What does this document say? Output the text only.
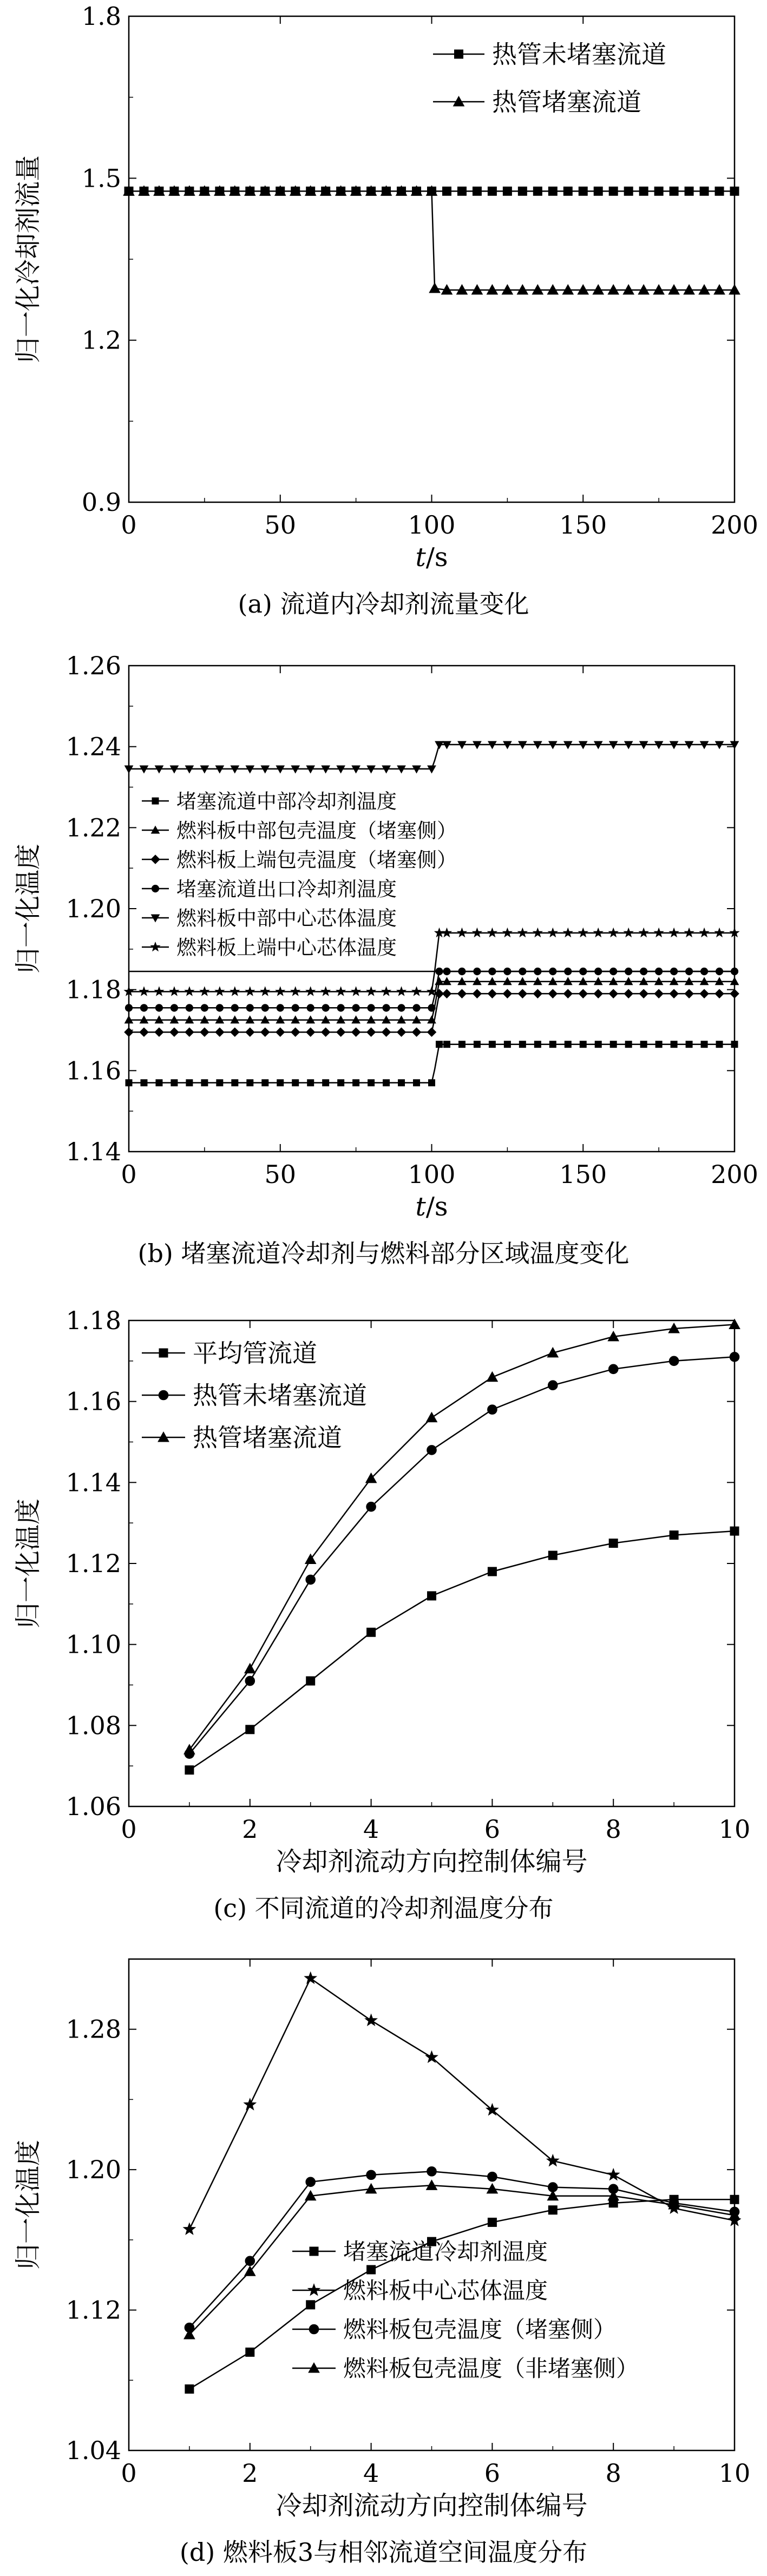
0	50	100	150	200
0.9
1.2
1.5
1.8
t/s
归一化冷却剂流量
热管未堵塞流道
热管堵塞流道
(a) 流道内冷却剂流量变化
0	50	100	150	200
1.14
1.16
1.18
1.20
1.22
1.24
1.26
t/s
归一化温度
堵塞流道中部冷却剂温度
燃料板中部包壳温度（堵塞侧）
燃料板上端包壳温度（堵塞侧）
堵塞流道出口冷却剂温度
燃料板中部中心芯体温度
燃料板上端中心芯体温度
(b) 堵塞流道冷却剂与燃料部分区域温度变化
0	2	4	6	8	10
1.06
1.08
1.10
1.12
1.14
1.16
1.18
冷却剂流动方向控制体编号
归一化温度
平均管流道
热管未堵塞流道
热管堵塞流道
(c) 不同流道的冷却剂温度分布
0	2	4	6	8	10
1.04
1.12
1.20
1.28
冷却剂流动方向控制体编号
归一化温度	堵塞流道冷却剂温度
燃料板中心芯体温度
燃料板包壳温度（堵塞侧）
燃料板包壳温度（非堵塞侧）
(d) 燃料板3与相邻流道空间温度分布
